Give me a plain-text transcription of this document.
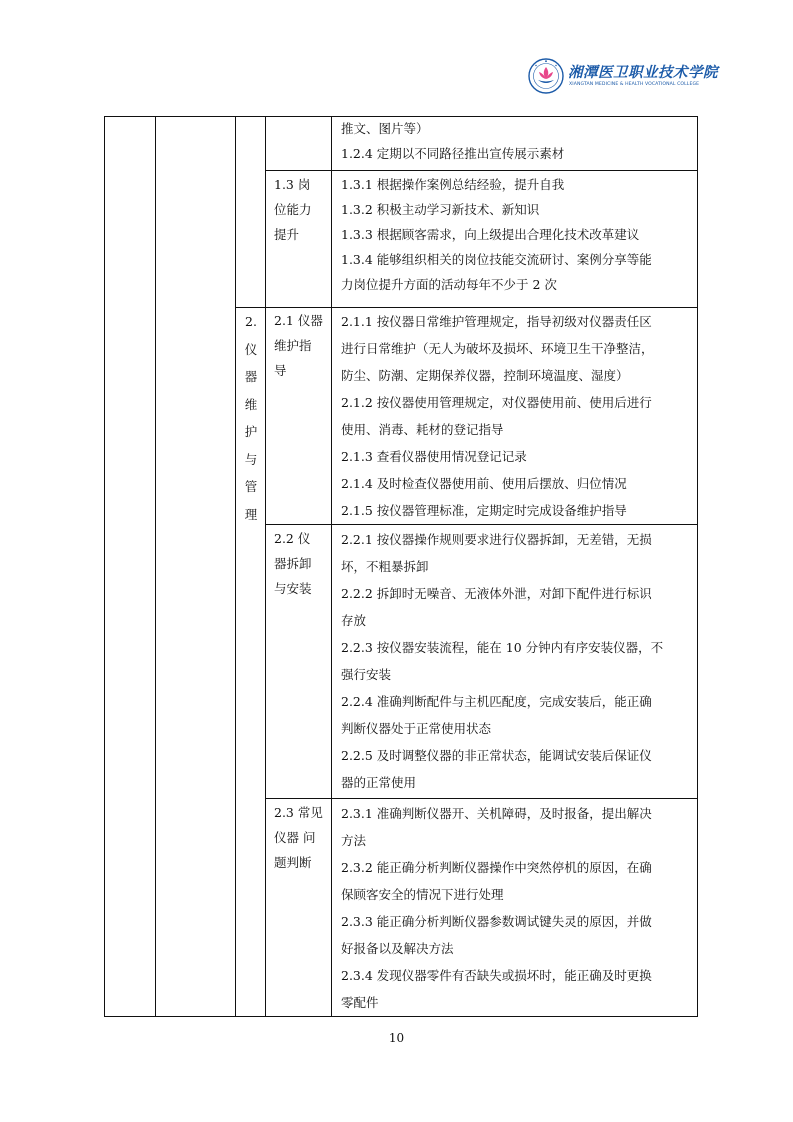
湘潭医卫职业技术学院
XIANGTAN MEDICINE & HEALTH VOCATIONAL COLLEGE

推文、图片等）

1.2.4 定期以不同路径推出宣传展示素材

1.3 岗

位能力

提升

1.3.1 根据操作案例总结经验，提升自我

1.3.2 积极主动学习新技术、新知识

1.3.3 根据顾客需求，向上级提出合理化技术改革建议

1.3.4 能够组织相关的岗位技能交流研讨、案例分享等能

力岗位提升方面的活动每年不少于 2 次

2.
仪
器
维
护
与
管
理

2.1 仪器

维护指

导

2.1.1 按仪器日常维护管理规定，指导初级对仪器责任区

进行日常维护（无人为破坏及损坏、环境卫生干净整洁，

防尘、防潮、定期保养仪器，控制环境温度、湿度）

2.1.2 按仪器使用管理规定，对仪器使用前、使用后进行

使用、消毒、耗材的登记指导

2.1.3 查看仪器使用情况登记记录

2.1.4 及时检查仪器使用前、使用后摆放、归位情况

2.1.5 按仪器管理标准，定期定时完成设备维护指导

2.2 仪

器拆卸

与安装

2.2.1 按仪器操作规则要求进行仪器拆卸，无差错，无损

坏，不粗暴拆卸

2.2.2 拆卸时无噪音、无液体外泄，对卸下配件进行标识

存放

2.2.3 按仪器安装流程，能在 10 分钟内有序安装仪器，不

强行安装

2.2.4 准确判断配件与主机匹配度，完成安装后，能正确

判断仪器处于正常使用状态

2.2.5 及时调整仪器的非正常状态，能调试安装后保证仪

器的正常使用

2.3 常见

仪器 问

题判断

2.3.1 准确判断仪器开、关机障碍，及时报备，提出解决

方法

2.3.2 能正确分析判断仪器操作中突然停机的原因，在确

保顾客安全的情况下进行处理

2.3.3 能正确分析判断仪器参数调试键失灵的原因，并做

好报备以及解决方法

2.3.4 发现仪器零件有否缺失或损坏时，能正确及时更换

零配件

10
